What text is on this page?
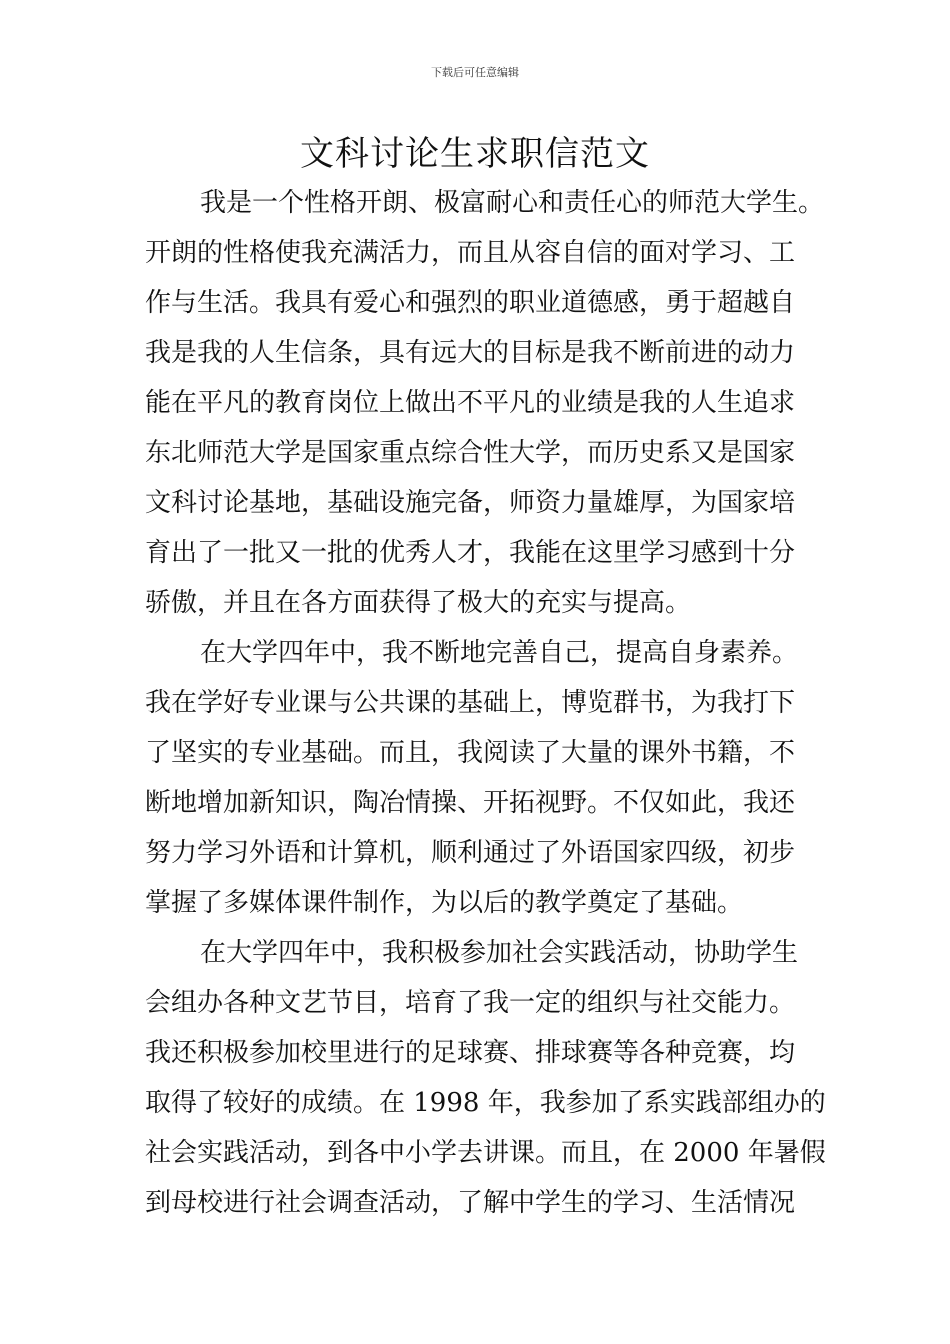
下载后可任意编辑
文科讨论生求职信范文
我是一个性格开朗、极富耐心和责任心的师范大学生。
开朗的性格使我充满活力，而且从容自信的面对学习、工
作与生活。我具有爱心和强烈的职业道德感，勇于超越自
我是我的人生信条，具有远大的目标是我不断前进的动力
能在平凡的教育岗位上做出不平凡的业绩是我的人生追求
东北师范大学是国家重点综合性大学，而历史系又是国家
文科讨论基地，基础设施完备，师资力量雄厚，为国家培
育出了一批又一批的优秀人才，我能在这里学习感到十分
骄傲，并且在各方面获得了极大的充实与提高。
在大学四年中，我不断地完善自己，提高自身素养。
我在学好专业课与公共课的基础上，博览群书，为我打下
了坚实的专业基础。而且，我阅读了大量的课外书籍，不
断地增加新知识，陶冶情操、开拓视野。不仅如此，我还
努力学习外语和计算机，顺利通过了外语国家四级，初步
掌握了多媒体课件制作，为以后的教学奠定了基础。
在大学四年中，我积极参加社会实践活动，协助学生
会组办各种文艺节目，培育了我一定的组织与社交能力。
我还积极参加校里进行的足球赛、排球赛等各种竞赛，均
取得了较好的成绩。在 1998 年，我参加了系实践部组办的
社会实践活动，到各中小学去讲课。而且，在 2000 年暑假
到母校进行社会调查活动，了解中学生的学习、生活情况
